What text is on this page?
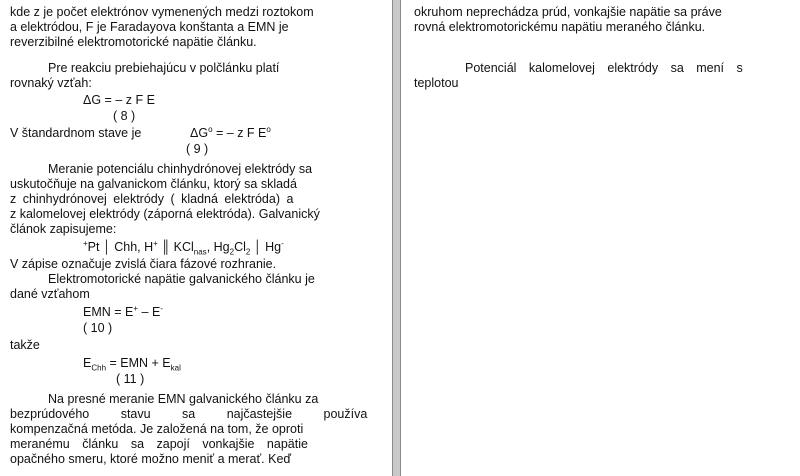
kde z je počet elektrónov vymenených medzi roztokom
a elektródou, F je Faradayova konštanta a EMN je
reverzibilné elektromotorické napätie článku.
Pre reakciu prebiehajúcu v polčlánku platí
rovnaký vzťah:
ΔG = – z F E
( 8 )
V štandardnom stave je	$\Delta G^o$ = – z F $E^o$
( 9 )
Meranie potenciálu chinhydrónovej elektródy sa
uskutočňuje na galvanickom článku, ktorý sa skladá
z chinhydrónovej elektródy ( kladná elektróda) a
z kalomelovej elektródy (záporná elektróda). Galvanický
článok zapisujeme:
+Pt │ Chh, H+ ║ KCl$_{nas}$, $Hg_2Cl_2$ │ Hg-
V zápise označuje zvislá čiara fázové rozhranie.
Elektromotorické napätie galvanického článku je
dané vzťahom
EMN = E+ – E-
( 10 )
takže
$E_{Chh}$ = EMN + $E_{kal}$
( 11 )
Na presné meranie EMN galvanického článku za
bezprúdového stavu sa najčastejšie používa
kompenzačná metóda. Je založená na tom, že oproti
meranému článku sa zapojí vonkajšie napätie
opačného smeru, ktoré možno meniť a merať. Keď
okruhom neprechádza prúd, vonkajšie napätie sa práve
rovná elektromotorickému napätiu meraného článku.
Potenciál kalomelovej elektródy sa mení s
teplotou
